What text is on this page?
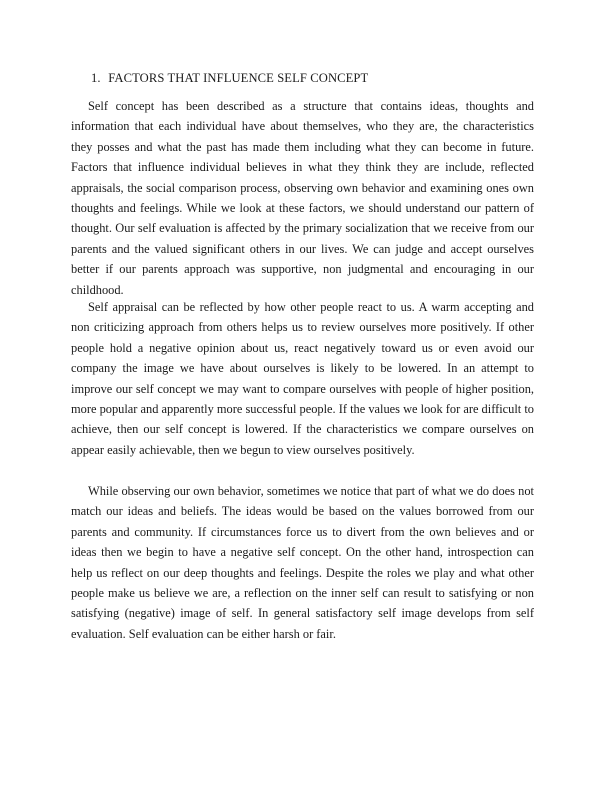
1. FACTORS THAT INFLUENCE SELF CONCEPT

Self concept has been described as a structure that contains ideas, thoughts and information that each individual have about themselves, who they are, the characteristics they posses and what the past has made them including what they can become in future. Factors that influence individual believes in what they think they are include, reflected appraisals, the social comparison process, observing own behavior and examining ones own thoughts and feelings. While we look at these factors, we should understand our pattern of thought. Our self evaluation is affected by the primary socialization that we receive from our parents and the valued significant others in our lives. We can judge and accept ourselves better if our parents approach was supportive, non judgmental and encouraging in our childhood.

Self appraisal can be reflected by how other people react to us. A warm accepting and non criticizing approach from others helps us to review ourselves more positively. If other people hold a negative opinion about us, react negatively toward us or even avoid our company the image we have about ourselves is likely to be lowered. In an attempt to improve our self concept we may want to compare ourselves with people of higher position, more popular and apparently more successful people. If the values we look for are difficult to achieve, then our self concept is lowered. If the characteristics we compare ourselves on appear easily achievable, then we begun to view ourselves positively.

While observing our own behavior, sometimes we notice that part of what we do does not match our ideas and beliefs. The ideas would be based on the values borrowed from our parents and community. If circumstances force us to divert from the own believes and or ideas then we begin to have a negative self concept. On the other hand, introspection can help us reflect on our deep thoughts and feelings. Despite the roles we play and what other people make us believe we are, a reflection on the inner self can result to satisfying or non satisfying (negative) image of self. In general satisfactory self image develops from self evaluation. Self evaluation can be either harsh or fair.
